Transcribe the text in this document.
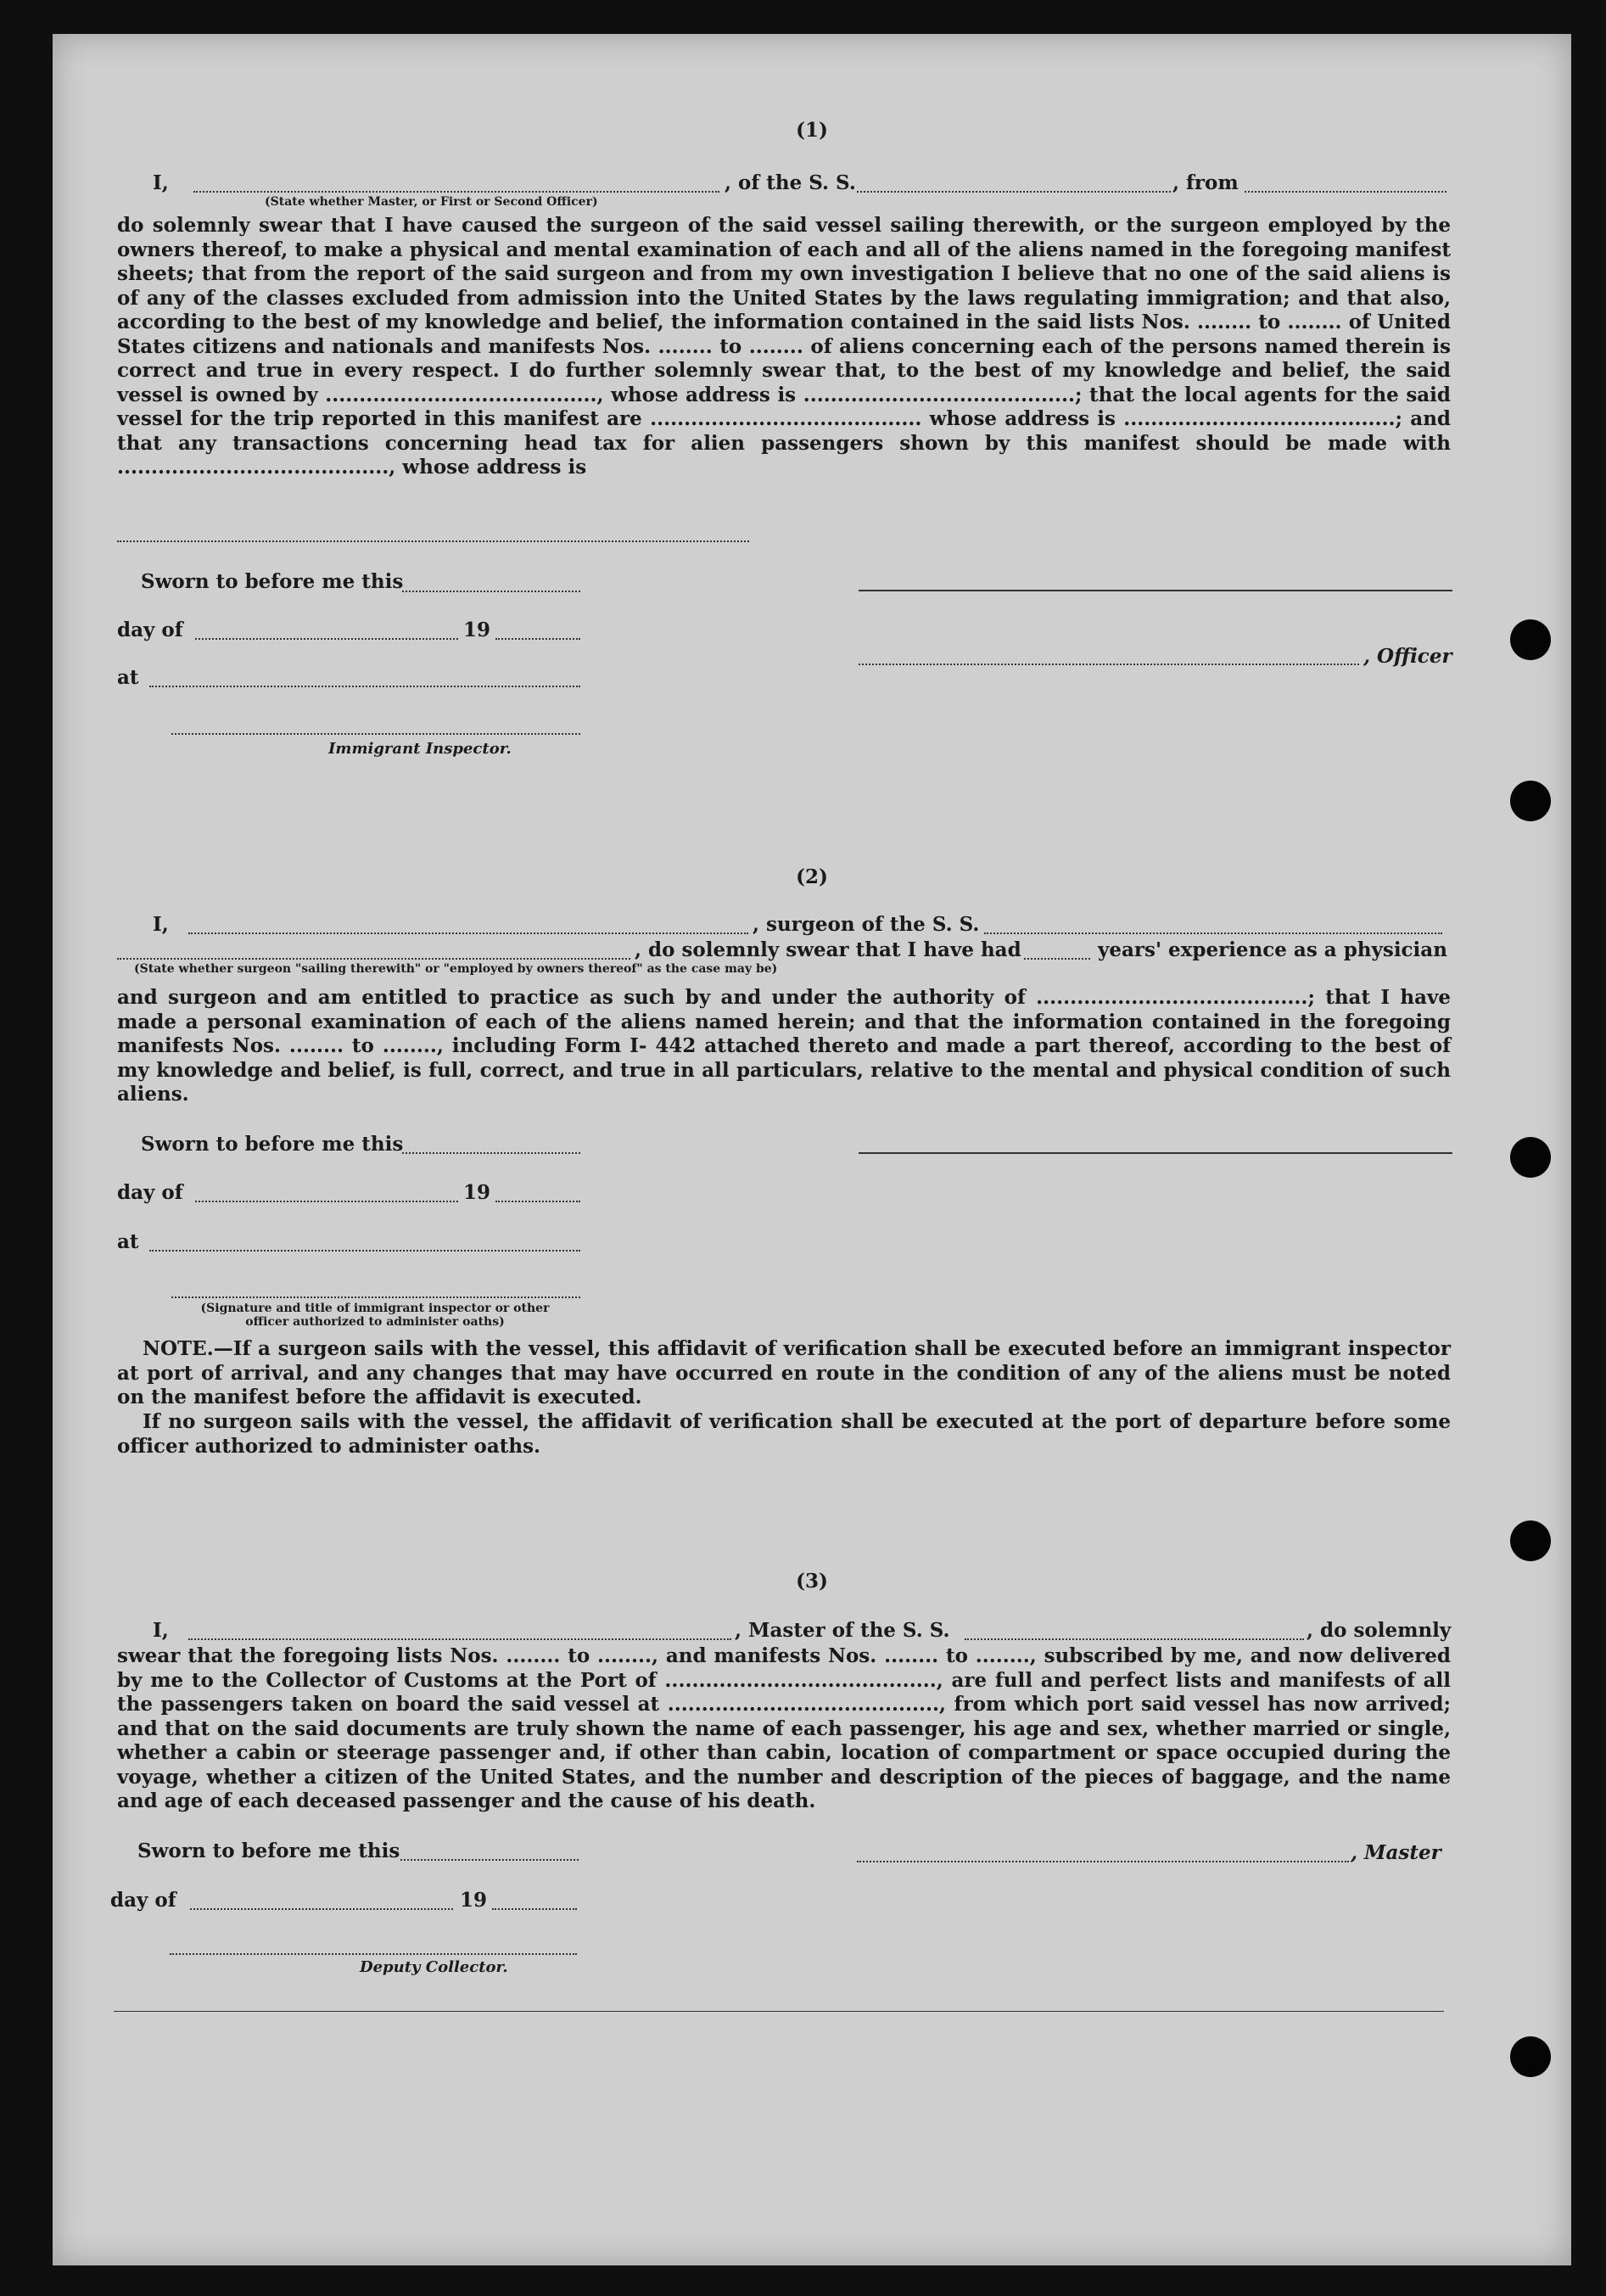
(1)
I,	, of the S. S.	, from
(State whether Master, or First or Second Officer)
do solemnly swear that I have caused the surgeon of the said vessel sailing therewith, or the surgeon employed by the owners thereof, to make a physical and mental examination of each and all of the aliens named in the foregoing manifest sheets; that from the report of the said surgeon and from my own investigation I believe that no one of the said aliens is of any of the classes excluded from admission into the United States by the laws regulating immigration; and that also, according to the best of my knowledge and belief, the information contained in the said lists Nos. ........ to ........ of United States citizens and nationals and manifests Nos. ........ to ........ of aliens concerning each of the persons named therein is correct and true in every respect. I do further solemnly swear that, to the best of my knowledge and belief, the said vessel is owned by ........................................, whose address is ........................................; that the local agents for the said vessel for the trip reported in this manifest are ........................................ whose address is ........................................; and that any transactions concerning head tax for alien passengers shown by this manifest should be made with ........................................, whose address is
Sworn to before me this
day of	19
, Officer
at
Immigrant Inspector.
(2)
I,	, surgeon of the S. S.
, do solemnly swear that I have had	years' experience as a physician
(State whether surgeon "sailing therewith" or "employed by owners thereof" as the case may be)
and surgeon and am entitled to practice as such by and under the authority of ........................................; that I have made a personal examination of each of the aliens named herein; and that the information contained in the foregoing manifests Nos. ........ to ........, including Form I- 442 attached thereto and made a part thereof, according to the best of my knowledge and belief, is full, correct, and true in all particulars, relative to the mental and physical condition of such aliens.
Sworn to before me this
day of	19
at
(Signature and title of immigrant inspector or other officer authorized to administer oaths)
NOTE.—If a surgeon sails with the vessel, this affidavit of verification shall be executed before an immigrant inspector at port of arrival, and any changes that may have occurred en route in the condition of any of the aliens must be noted on the manifest before the affidavit is executed.
If no surgeon sails with the vessel, the affidavit of verification shall be executed at the port of departure before some officer authorized to administer oaths.
(3)
I,	, Master of the S. S.	, do solemnly
swear that the foregoing lists Nos. ........ to ........, and manifests Nos. ........ to ........, subscribed by me, and now delivered by me to the Collector of Customs at the Port of ........................................, are full and perfect lists and manifests of all the passengers taken on board the said vessel at ........................................, from which port said vessel has now arrived; and that on the said documents are truly shown the name of each passenger, his age and sex, whether married or single, whether a cabin or steerage passenger and, if other than cabin, location of compartment or space occupied during the voyage, whether a citizen of the United States, and the number and description of the pieces of baggage, and the name and age of each deceased passenger and the cause of his death.
Sworn to before me this	, Master
day of	19
Deputy Collector.
